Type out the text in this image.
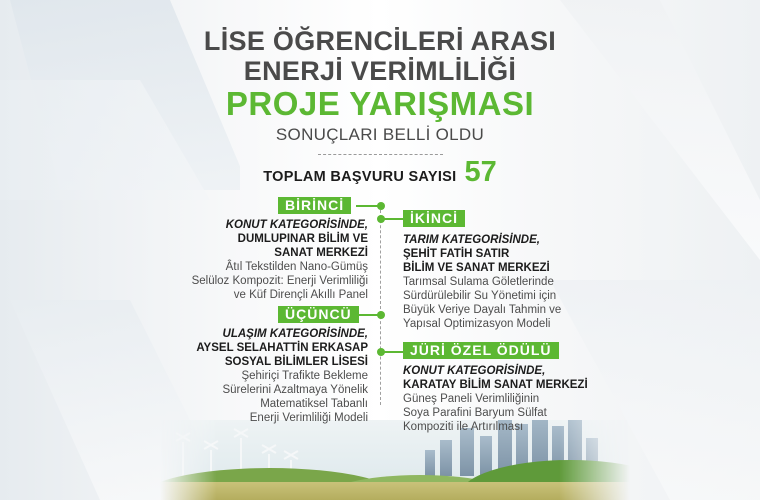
LİSE ÖĞRENCİLERİ ARASI
ENERJİ VERİMLİLİĞİ
PROJE YARIŞMASI
SONUÇLARI BELLİ OLDU
TOPLAM BAŞVURU SAYISI 57
BİRİNCİ
KONUT KATEGORİSİNDE,
DUMLUPINAR BİLİM VE
SANAT MERKEZİ
Âtıl Tekstilden Nano-Gümüş
Selüloz Kompozit: Enerji Verimliliği
ve Küf Dirençli Akıllı Panel
İKİNCİ
TARIM KATEGORİSİNDE,
ŞEHİT FATİH SATIR
BİLİM VE SANAT MERKEZİ
Tarımsal Sulama Göletlerinde
Sürdürülebilir Su Yönetimi için
Büyük Veriye Dayalı Tahmin ve
Yapısal Optimizasyon Modeli
ÜÇÜNCÜ
ULAŞIM KATEGORİSİNDE,
AYSEL SELAHATTİN ERKASAP
SOSYAL BİLİMLER LİSESİ
Şehiriçi Trafikte Bekleme
Sürelerini Azaltmaya Yönelik
Matematiksel Tabanlı
Enerji Verimliliği Modeli
JÜRİ ÖZEL ÖDÜLÜ
KONUT KATEGORİSİNDE,
KARATAY BİLİM SANAT MERKEZİ
Güneş Paneli Verimliliğinin
Soya Parafini Baryum Sülfat
Kompoziti ile Artırılması
